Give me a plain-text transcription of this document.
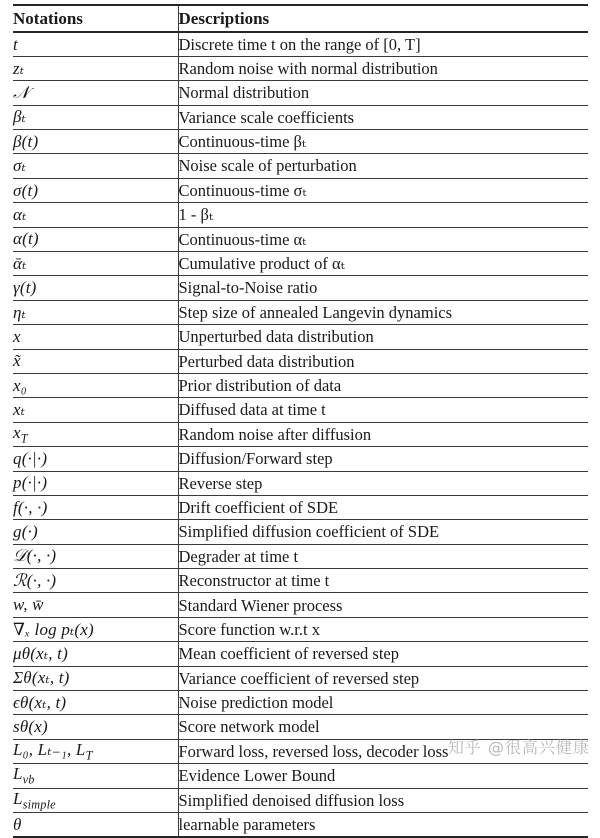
Notations	Descriptions
t	Discrete time t on the range of [0, T]
zₜ	Random noise with normal distribution
𝒩	Normal distribution
βₜ	Variance scale coefficients
β(t)	Continuous-time βₜ
σₜ	Noise scale of perturbation
σ(t)	Continuous-time σₜ
αₜ	1 - βₜ
α(t)	Continuous-time αₜ
ᾱₜ	Cumulative product of αₜ
γ(t)	Signal-to-Noise ratio
ηₜ	Step size of annealed Langevin dynamics
x	Unperturbed data distribution
x̃	Perturbed data distribution
x₀	Prior distribution of data
xₜ	Diffused data at time t
$x_T$	Random noise after diffusion
q(·|·)	Diffusion/Forward step
p(·|·)	Reverse step
f(·, ·)	Drift coefficient of SDE
g(·)	Simplified diffusion coefficient of SDE
𝒟(·, ·)	Degrader at time t
ℛ(·, ·)	Reconstructor at time t
w, w̄	Standard Wiener process
∇ₓ log pₜ(x)	Score function w.r.t x
μθ(xₜ, t)	Mean coefficient of reversed step
Σθ(xₜ, t)	Variance coefficient of reversed step
ϵθ(xₜ, t)	Noise prediction model
sθ(x)	Score network model
L₀, Lₜ₋₁, $L_T$	Forward loss, reversed loss, decoder loss
$L_{vb}$	Evidence Lower Bound
$L_{simple}$	Simplified denoised diffusion loss
θ	learnable parameters
知乎 @很高兴健康
